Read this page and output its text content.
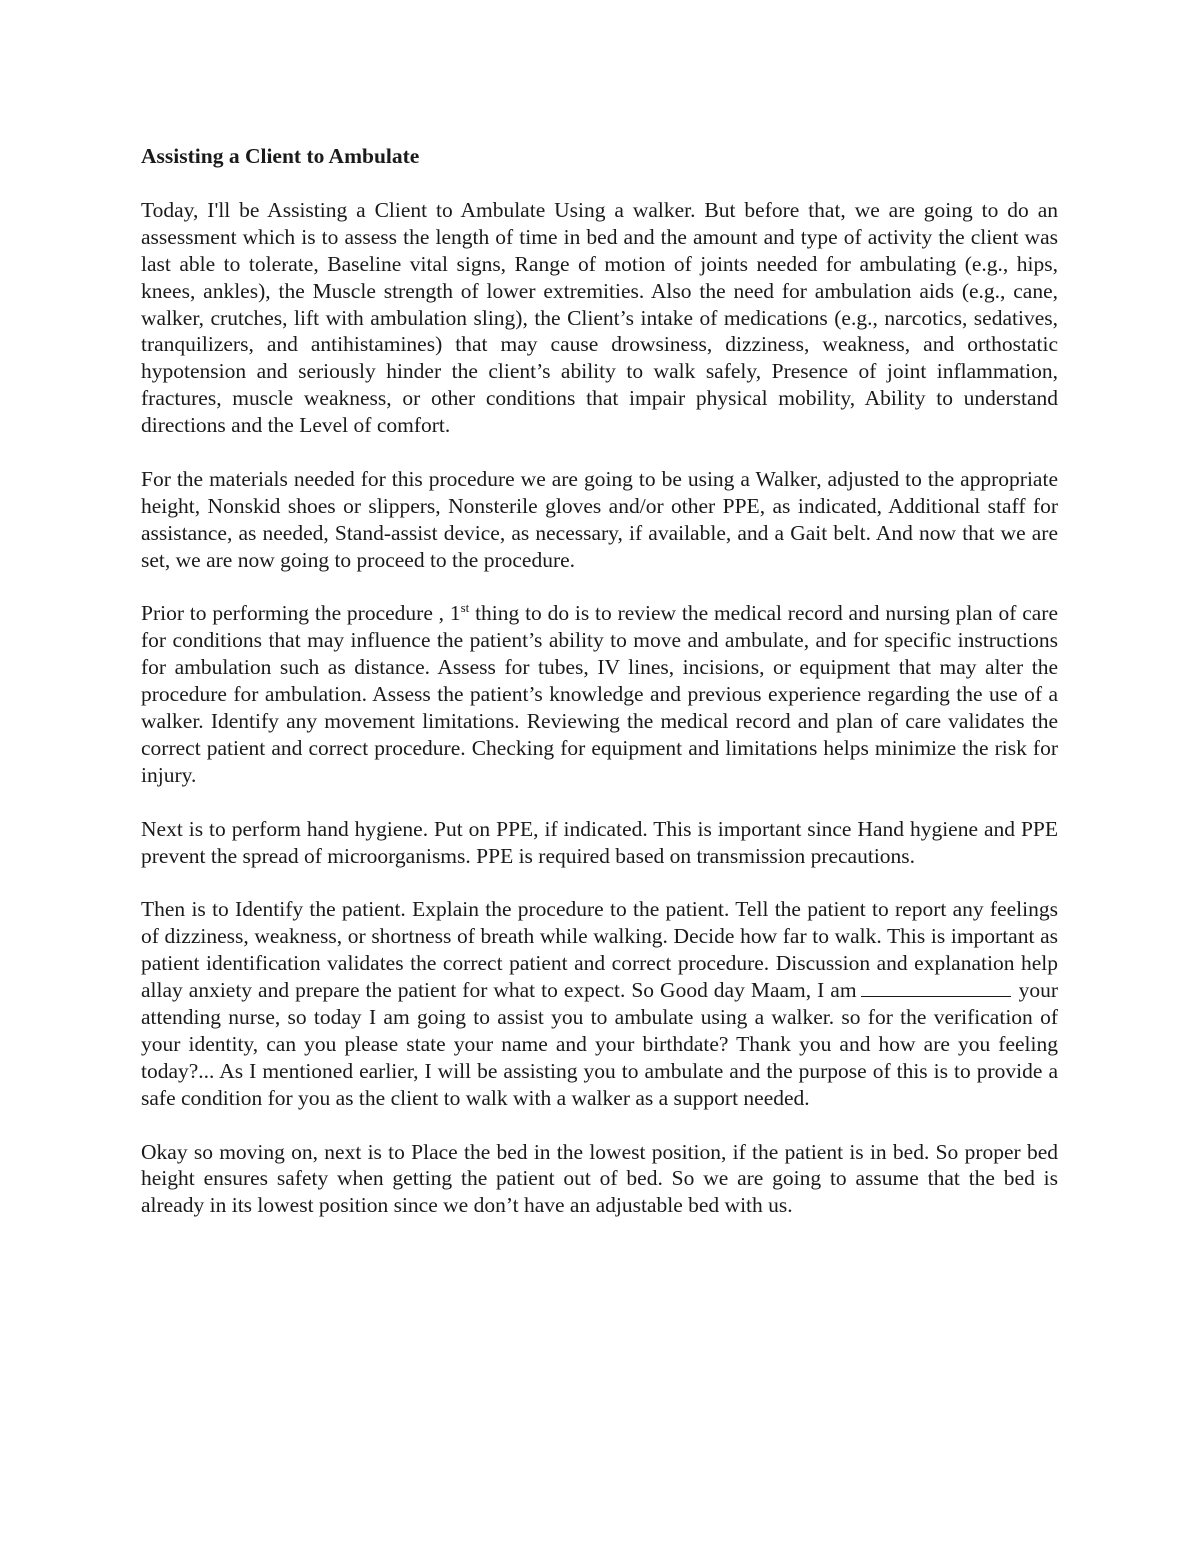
Assisting a Client to Ambulate

Today, I'll be Assisting a Client to Ambulate Using a walker. But before that, we are going to do an assessment which is to assess the length of time in bed and the amount and type of activity the client was last able to tolerate, Baseline vital signs, Range of motion of joints needed for ambulating (e.g., hips, knees, ankles), the Muscle strength of lower extremities. Also the need for ambulation aids (e.g., cane, walker, crutches, lift with ambulation sling), the Client’s intake of medications (e.g., narcotics, sedatives, tranquilizers, and antihistamines) that may cause drowsiness, dizziness, weakness, and orthostatic hypotension and seriously hinder the client’s ability to walk safely, Presence of joint inflammation, fractures, muscle weakness, or other conditions that impair physical mobility, Ability to understand directions and the Level of comfort.

For the materials needed for this procedure we are going to be using a Walker, adjusted to the appropriate height, Nonskid shoes or slippers, Nonsterile gloves and/or other PPE, as indicated, Additional staff for assistance, as needed, Stand-assist device, as necessary, if available, and a Gait belt. And now that we are set, we are now going to proceed to the procedure.

Prior to performing the procedure , 1st thing to do is to review the medical record and nursing plan of care for conditions that may influence the patient’s ability to move and ambulate, and for specific instructions for ambulation such as distance. Assess for tubes, IV lines, incisions, or equipment that may alter the procedure for ambulation. Assess the patient’s knowledge and previous experience regarding the use of a walker. Identify any movement limitations. Reviewing the medical record and plan of care validates the correct patient and correct procedure. Checking for equipment and limitations helps minimize the risk for injury.

Next is to perform hand hygiene. Put on PPE, if indicated. This is important since Hand hygiene and PPE prevent the spread of microorganisms. PPE is required based on transmission precautions.

Then is to Identify the patient. Explain the procedure to the patient. Tell the patient to report any feelings of dizziness, weakness, or shortness of breath while walking. Decide how far to walk. This is important as patient identification validates the correct patient and correct procedure. Discussion and explanation help allay anxiety and prepare the patient for what to expect. So Good day Maam, I am	your attending nurse, so today I am going to assist you to ambulate using a walker. so for the verification of your identity, can you please state your name and your birthdate? Thank you and how are you feeling today?... As I mentioned earlier, I will be assisting you to ambulate and the purpose of this is to provide a safe condition for you as the client to walk with a walker as a support needed.

Okay so moving on, next is to Place the bed in the lowest position, if the patient is in bed. So proper bed height ensures safety when getting the patient out of bed. So we are going to assume that the bed is already in its lowest position since we don’t have an adjustable bed with us.
